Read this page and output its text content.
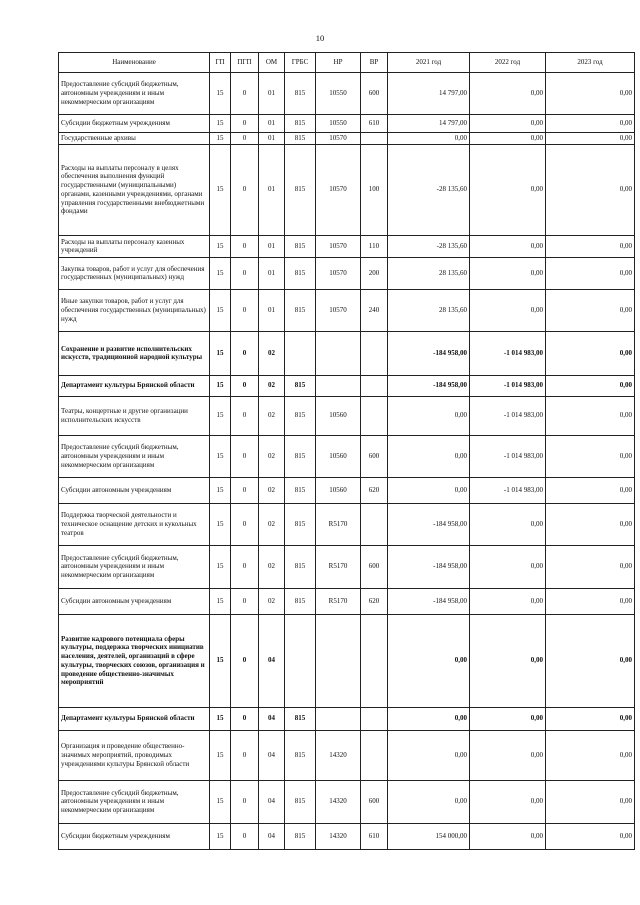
10
Наименование	ГП	ПГП	ОМ	ГРБС	НР	ВР	2021 год	2022 год	2023 год
Предоставление субсидий бюджетным, автономным учреждениям и иным некоммерческим организациям	15	0	01	815	10550	600	14 797,00	0,00	0,00
Субсидии бюджетным учреждениям	15	0	01	815	10550	610	14 797,00	0,00	0,00
Государственные архивы	15	0	01	815	10570		0,00	0,00	0,00
Расходы на выплаты персоналу в целях обеспечения выполнения функций государственными (муниципальными) органами, казенными учреждениями, органами управления государственными внебюджетными фондами	15	0	01	815	10570	100	-28 135,60	0,00	0,00
Расходы на выплаты персоналу казенных учреждений	15	0	01	815	10570	110	-28 135,60	0,00	0,00
Закупка товаров, работ и услуг для обеспечения государственных (муниципальных) нужд	15	0	01	815	10570	200	28 135,60	0,00	0,00
Иные закупки товаров, работ и услуг для обеспечения государственных (муниципальных) нужд	15	0	01	815	10570	240	28 135,60	0,00	0,00
Сохранение и развитие исполнительских искусств, традиционной народной культуры	15	0	02				-184 958,00	-1 014 983,00	0,00
Департамент культуры Брянской области	15	0	02	815			-184 958,00	-1 014 983,00	0,00
Театры, концертные и другие организации исполнительских искусств	15	0	02	815	10560		0,00	-1 014 983,00	0,00
Предоставление субсидий бюджетным, автономным учреждениям и иным некоммерческим организациям	15	0	02	815	10560	600	0,00	-1 014 983,00	0,00
Субсидии автономным учреждениям	15	0	02	815	10560	620	0,00	-1 014 983,00	0,00
Поддержка творческой деятельности и техническое оснащение детских и кукольных театров	15	0	02	815	R5170		-184 958,00	0,00	0,00
Предоставление субсидий бюджетным, автономным учреждениям и иным некоммерческим организациям	15	0	02	815	R5170	600	-184 958,00	0,00	0,00
Субсидии автономным учреждениям	15	0	02	815	R5170	620	-184 958,00	0,00	0,00
Развитие кадрового потенциала сферы культуры, поддержка творческих инициатив населения, деятелей, организаций в сфере культуры, творческих союзов, организация и проведение общественно-значимых мероприятий	15	0	04				0,00	0,00	0,00
Департамент культуры Брянской области	15	0	04	815			0,00	0,00	0,00
Организация и проведение общественно-значимых мероприятий, проводимых учреждениями культуры Брянской области	15	0	04	815	14320		0,00	0,00	0,00
Предоставление субсидий бюджетным, автономным учреждениям и иным некоммерческим организациям	15	0	04	815	14320	600	0,00	0,00	0,00
Субсидии бюджетным учреждениям	15	0	04	815	14320	610	154 000,00	0,00	0,00
